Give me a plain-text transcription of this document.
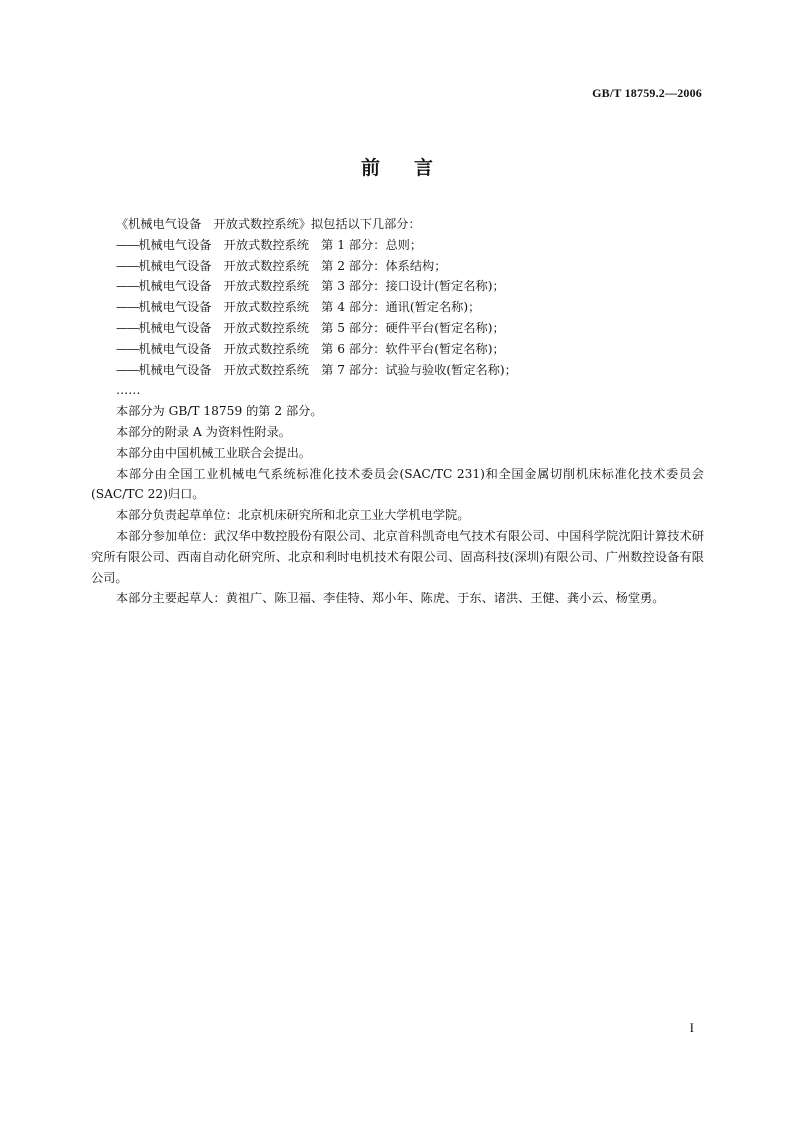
GB/T 18759.2—2006
前言
《机械电气设备　开放式数控系统》拟包括以下几部分：
——机械电气设备　开放式数控系统　第 1 部分：总则；
——机械电气设备　开放式数控系统　第 2 部分：体系结构；
——机械电气设备　开放式数控系统　第 3 部分：接口设计(暂定名称)；
——机械电气设备　开放式数控系统　第 4 部分：通讯(暂定名称)；
——机械电气设备　开放式数控系统　第 5 部分：硬件平台(暂定名称)；
——机械电气设备　开放式数控系统　第 6 部分：软件平台(暂定名称)；
——机械电气设备　开放式数控系统　第 7 部分：试验与验收(暂定名称)；
……
本部分为 GB/T 18759 的第 2 部分。
本部分的附录 A 为资料性附录。
本部分由中国机械工业联合会提出。
本部分由全国工业机械电气系统标准化技术委员会(SAC/TC 231)和全国金属切削机床标准化技术委员会(SAC/TC 22)归口。
本部分负责起草单位：北京机床研究所和北京工业大学机电学院。
本部分参加单位：武汉华中数控股份有限公司、北京首科凯奇电气技术有限公司、中国科学院沈阳计算技术研究所有限公司、西南自动化研究所、北京和利时电机技术有限公司、固高科技(深圳)有限公司、广州数控设备有限公司。
本部分主要起草人：黄祖广、陈卫福、李佳特、郑小年、陈虎、于东、诸洪、王健、龚小云、杨堂勇。
I
